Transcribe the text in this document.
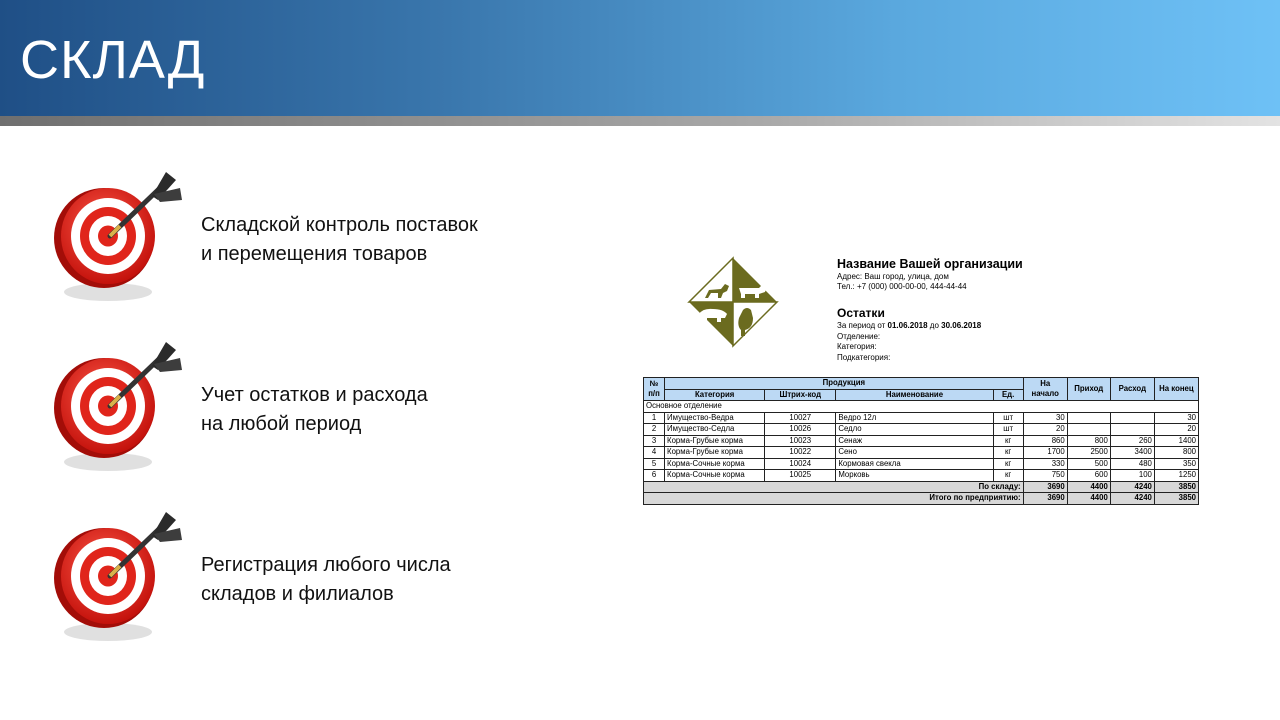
СКЛАД
Складской контроль поставок
и перемещения товаров
Учет остатков и расхода
на любой период
Регистрация любого числа
складов и филиалов
Название Вашей организации
Адрес: Ваш город, улица, дом
Тел.: +7 (000) 000-00-00, 444-44-44
Остатки
За период от 01.06.2018 до 30.06.2018
Отделение:
Категория:
Подкатегория:
№ п/п	Продукция				На начало	Приход	Расход	На конец
	Категория	Штрих-код	Наименование	Ед.				
Основное отделение								
1	Имущество-Ведра	10027	Ведро 12л	шт	30			30
2	Имущество-Седла	10026	Седло	шт	20			20
3	Корма-Грубые корма	10023	Сенаж	кг	860	800	260	1400
4	Корма-Грубые корма	10022	Сено	кг	1700	2500	3400	800
5	Корма-Сочные корма	10024	Кормовая свекла	кг	330	500	480	350
6	Корма-Сочные корма	10025	Морковь	кг	750	600	100	1250
По складу:					3690	4400	4240	3850
Итого по предприятию:					3690	4400	4240	3850
